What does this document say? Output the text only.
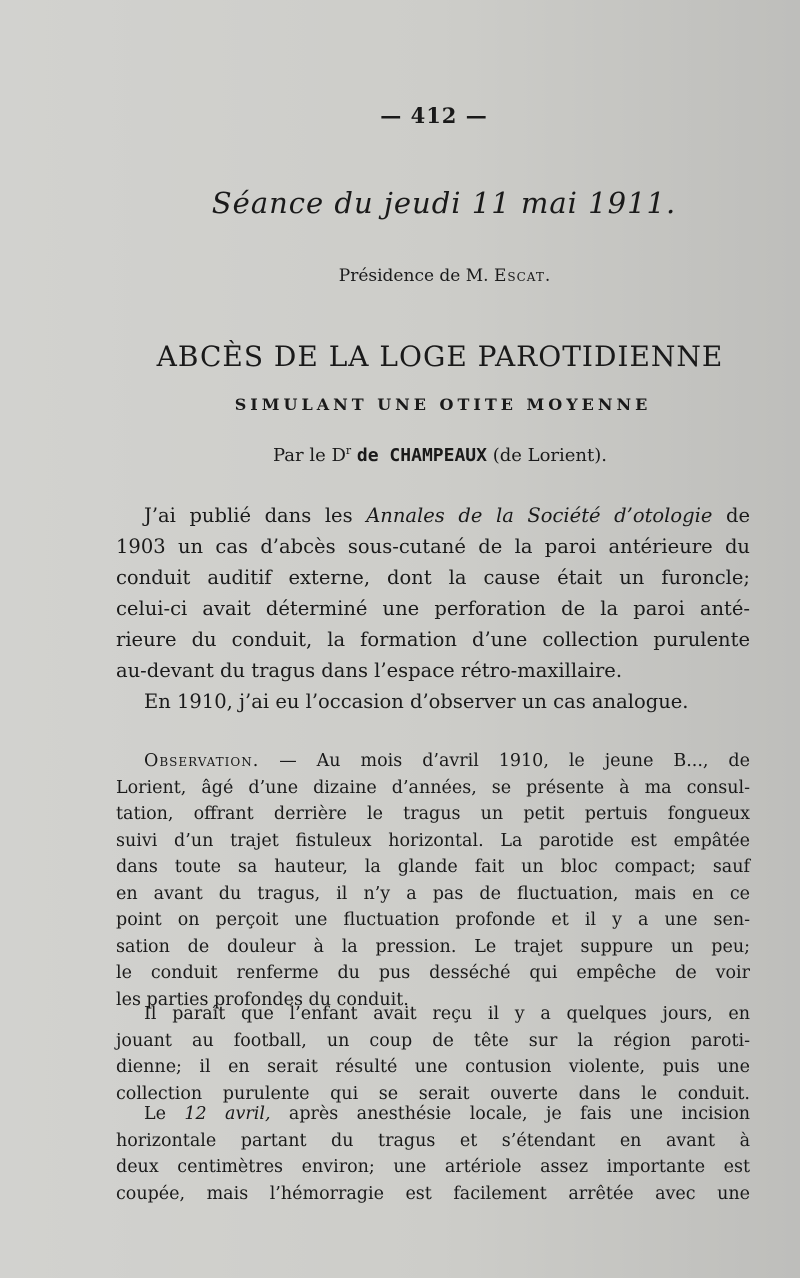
— 412 —
Séance du jeudi 11 mai 1911.
Présidence de M. Escat.
ABCÈS DE LA LOGE PAROTIDIENNE
SIMULANT UNE OTITE MOYENNE
Par le $D^r$ de CHAMPEAUX (de Lorient).
J’ai publié dans les Annales de la Société d’otologie de
1903 un cas d’abcès sous-cutané de la paroi antérieure du
conduit auditif externe, dont la cause était un furoncle;
celui-ci avait déterminé une perforation de la paroi anté-
rieure du conduit, la formation d’une collection purulente
au-devant du tragus dans l’espace rétro-maxillaire.
En 1910, j’ai eu l’occasion d’observer un cas analogue.
Observation. — Au mois d’avril 1910, le jeune B..., de
Lorient, âgé d’une dizaine d’années, se présente à ma consul-
tation, offrant derrière le tragus un petit pertuis fongueux
suivi d’un trajet fistuleux horizontal. La parotide est empâtée
dans toute sa hauteur, la glande fait un bloc compact; sauf
en avant du tragus, il n’y a pas de fluctuation, mais en ce
point on perçoit une fluctuation profonde et il y a une sen-
sation de douleur à la pression. Le trajet suppure un peu;
le conduit renferme du pus desséché qui empêche de voir
les parties profondes du conduit.
Il paraît que l’enfant avait reçu il y a quelques jours, en
jouant au football, un coup de tête sur la région paroti-
dienne; il en serait résulté une contusion violente, puis une
collection purulente qui se serait ouverte dans le conduit.
Le 12 avril, après anesthésie locale, je fais une incision
horizontale partant du tragus et s’étendant en avant à
deux centimètres environ; une artériole assez importante est
coupée, mais l’hémorragie est facilement arrêtée avec une
